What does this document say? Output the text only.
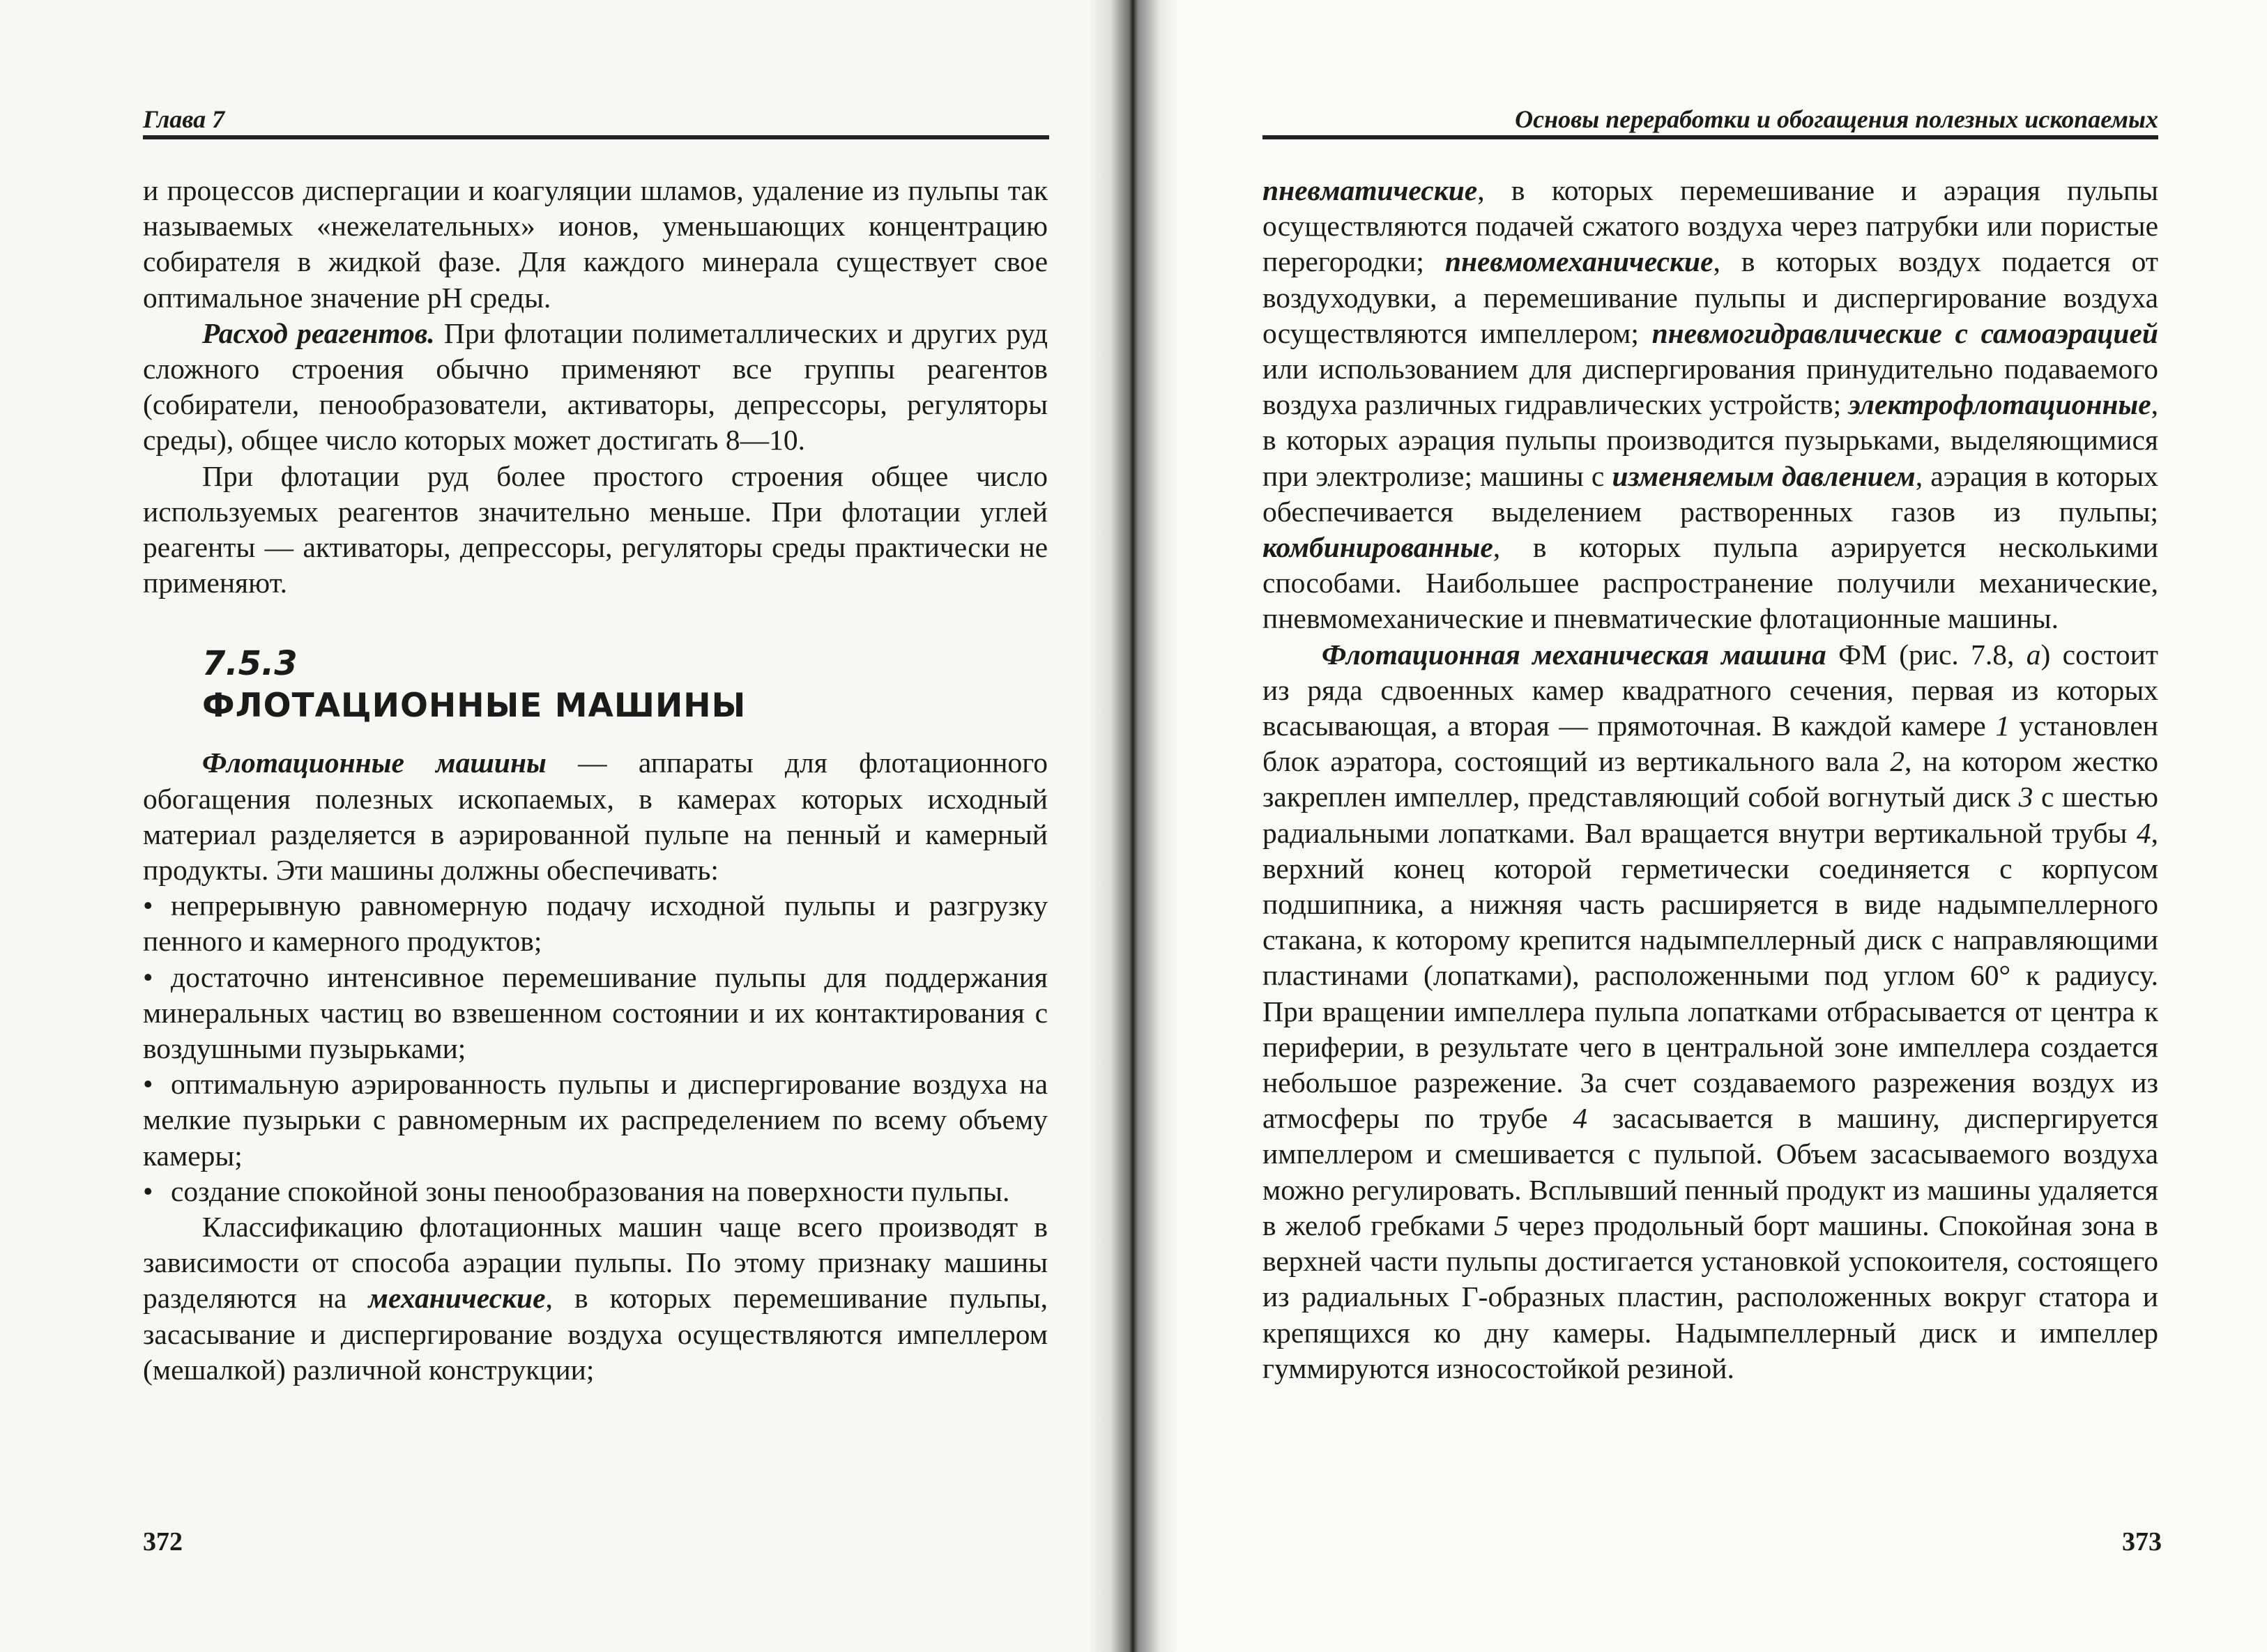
Глава 7

и процессов диспергации и коагуляции шламов, удаление из пульпы так называемых «нежелательных» ионов, уменьшающих концентрацию собирателя в жидкой фазе. Для каждого минерала существует свое оптимальное значение pH среды.

Расход реагентов. При флотации полиметаллических и других руд сложного строения обычно применяют все группы реагентов (собиратели, пенообразователи, активаторы, депрессоры, регуляторы среды), общее число которых может достигать 8—10.

При флотации руд более простого строения общее число используемых реагентов значительно меньше. При флотации углей реагенты — активаторы, депрессоры, регуляторы среды практически не применяют.

7.5.3
ФЛОТАЦИОННЫЕ МАШИНЫ

Флотационные машины — аппараты для флотационного обогащения полезных ископаемых, в камерах которых исходный материал разделяется в аэрированной пульпе на пенный и камерный продукты. Эти машины должны обеспечивать:

• непрерывную равномерную подачу исходной пульпы и разгрузку пенного и камерного продуктов;

• достаточно интенсивное перемешивание пульпы для поддержания минеральных частиц во взвешенном состоянии и их контактирования с воздушными пузырьками;

• оптимальную аэрированность пульпы и диспергирование воздуха на мелкие пузырьки с равномерным их распределением по всему объему камеры;

• создание спокойной зоны пенообразования на поверхности пульпы.

Классификацию флотационных машин чаще всего производят в зависимости от способа аэрации пульпы. По этому признаку машины разделяются на механические, в которых перемешивание пульпы, засасывание и диспергирование воздуха осуществляются импеллером (мешалкой) различной конструкции;

372
Основы переработки и обогащения полезных ископаемых

пневматические, в которых перемешивание и аэрация пульпы осуществляются подачей сжатого воздуха через патрубки или пористые перегородки; пневмомеханические, в которых воздух подается от воздуходувки, а перемешивание пульпы и диспергирование воздуха осуществляются импеллером; пневмогидравлические с самоаэрацией или использованием для диспергирования принудительно подаваемого воздуха различных гидравлических устройств; электрофлотационные, в которых аэрация пульпы производится пузырьками, выделяющимися при электролизе; машины с изменяемым давлением, аэрация в которых обеспечивается выделением растворенных газов из пульпы; комбинированные, в которых пульпа аэрируется несколькими способами. Наибольшее распространение получили механические, пневмомеханические и пневматические флотационные машины.

Флотационная механическая машина ФМ (рис. 7.8, а) состоит из ряда сдвоенных камер квадратного сечения, первая из которых всасывающая, а вторая — прямоточная. В каждой камере 1 установлен блок аэратора, состоящий из вертикального вала 2, на котором жестко закреплен импеллер, представляющий собой вогнутый диск 3 с шестью радиальными лопатками. Вал вращается внутри вертикальной трубы 4, верхний конец которой герметически соединяется с корпусом подшипника, а нижняя часть расширяется в виде надымпеллерного стакана, к которому крепится надымпеллерный диск с направляющими пластинами (лопатками), расположенными под углом 60° к радиусу. При вращении импеллера пульпа лопатками отбрасывается от центра к периферии, в результате чего в центральной зоне импеллера создается небольшое разрежение. За счет создаваемого разрежения воздух из атмосферы по трубе 4 засасывается в машину, диспергируется импеллером и смешивается с пульпой. Объем засасываемого воздуха можно регулировать. Всплывший пенный продукт из машины удаляется в желоб гребками 5 через продольный борт машины. Спокойная зона в верхней части пульпы достигается установкой успокоителя, состоящего из радиальных Г-образных пластин, расположенных вокруг статора и крепящихся ко дну камеры. Надымпеллерный диск и импеллер гуммируются износостойкой резиной.

373
